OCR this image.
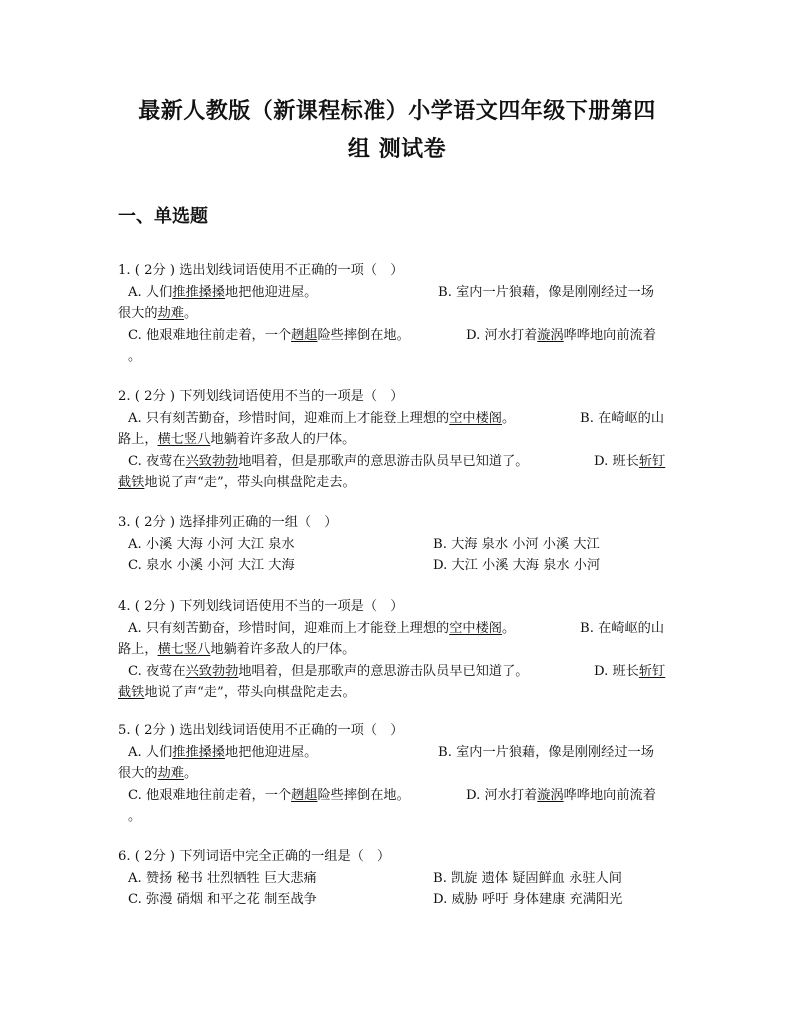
最新人教版（新课程标准）小学语文四年级下册第四
组 测试卷
一、单选题
1. ( 2分 ) 选出划线词语使用不正确的一项（　）
A. 人们推推搡搡地把他迎进屋。	B. 室内一片狼藉，像是刚刚经过一场
很大的劫难。
C. 他艰难地往前走着，一个趔趄险些摔倒在地。	D. 河水打着漩涡哗哗地向前流着
。
2. ( 2分 ) 下列划线词语使用不当的一项是（　）
A. 只有刻苦勤奋，珍惜时间，迎难而上才能登上理想的空中楼阁。	B. 在崎岖的山
路上，横七竖八地躺着许多敌人的尸体。
C. 夜莺在兴致勃勃地唱着，但是那歌声的意思游击队员早已知道了。	D. 班长斩钉
截铁地说了声“走”，带头向棋盘陀走去。
3. ( 2分 ) 选择排列正确的一组（　）
A. 小溪 大海 小河 大江 泉水	B. 大海 泉水 小河 小溪 大江
C. 泉水 小溪 小河 大江 大海	D. 大江 小溪 大海 泉水 小河
4. ( 2分 ) 下列划线词语使用不当的一项是（　）
A. 只有刻苦勤奋，珍惜时间，迎难而上才能登上理想的空中楼阁。	B. 在崎岖的山
路上，横七竖八地躺着许多敌人的尸体。
C. 夜莺在兴致勃勃地唱着，但是那歌声的意思游击队员早已知道了。	D. 班长斩钉
截铁地说了声“走”，带头向棋盘陀走去。
5. ( 2分 ) 选出划线词语使用不正确的一项（　）
A. 人们推推搡搡地把他迎进屋。	B. 室内一片狼藉，像是刚刚经过一场
很大的劫难。
C. 他艰难地往前走着，一个趔趄险些摔倒在地。	D. 河水打着漩涡哗哗地向前流着
。
6. ( 2分 ) 下列词语中完全正确的一组是（　）
A. 赞扬 秘书 壮烈牺牲 巨大悲痛	B. 凯旋 遗体 疑固鲜血 永驻人间
C. 弥漫 硝烟 和平之花 制至战争	D. 威胁 呼吁 身体建康 充满阳光
